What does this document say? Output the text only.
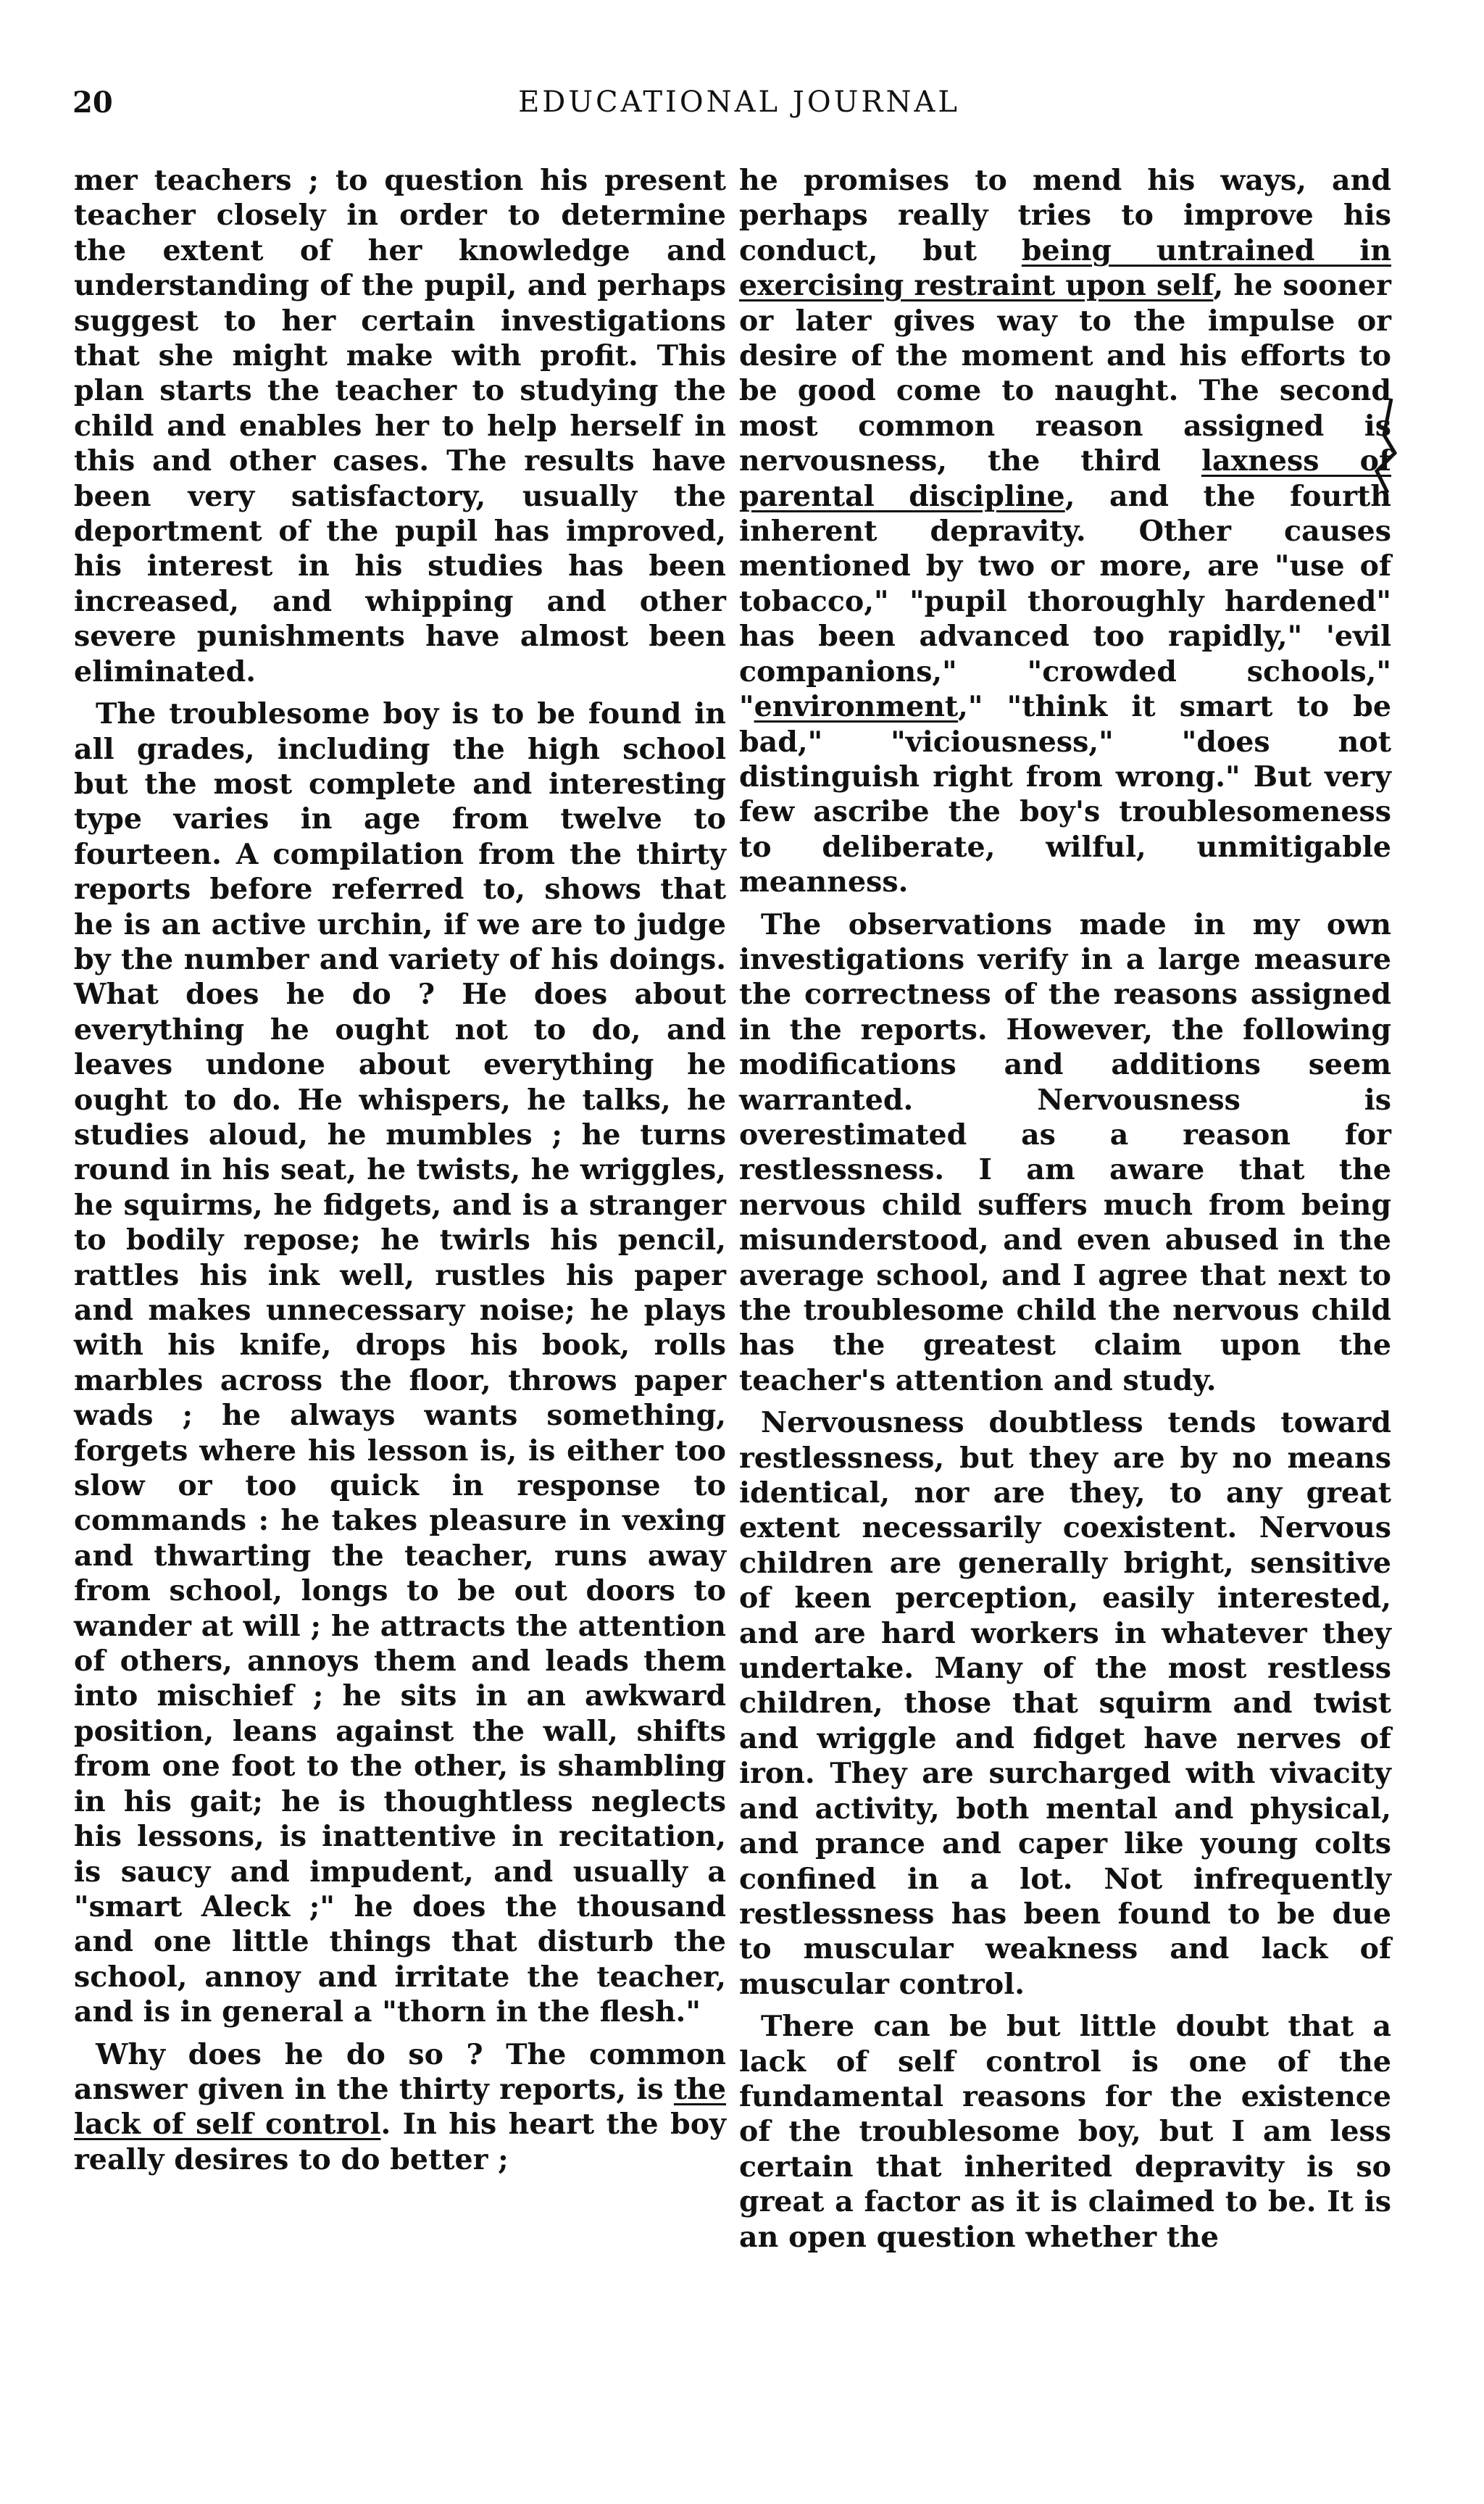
20	EDUCATIONAL JOURNAL

mer teachers ; to question his present teacher closely in order to determine the extent of her knowledge and understanding of the pupil, and perhaps suggest to her certain investigations that she might make with profit. This plan starts the teacher to studying the child and enables her to help herself in this and other cases. The results have been very satisfactory, usually the deportment of the pupil has improved, his interest in his studies has been increased, and whipping and other severe punishments have almost been eliminated.

The troublesome boy is to be found in all grades, including the high school but the most complete and interesting type varies in age from twelve to fourteen. A compilation from the thirty reports before referred to, shows that he is an active urchin, if we are to judge by the number and variety of his doings. What does he do ? He does about everything he ought not to do, and leaves undone about everything he ought to do. He whispers, he talks, he studies aloud, he mumbles ; he turns round in his seat, he twists, he wriggles, he squirms, he fidgets, and is a stranger to bodily repose; he twirls his pencil, rattles his ink well, rustles his paper and makes unnecessary noise; he plays with his knife, drops his book, rolls marbles across the floor, throws paper wads ; he always wants something, forgets where his lesson is, is either too slow or too quick in response to commands : he takes pleasure in vexing and thwarting the teacher, runs away from school, longs to be out doors to wander at will ; he attracts the attention of others, annoys them and leads them into mischief ; he sits in an awkward position, leans against the wall, shifts from one foot to the other, is shambling in his gait; he is thoughtless neglects his lessons, is inattentive in recitation, is saucy and impudent, and usually a "smart Aleck ;" he does the thousand and one little things that disturb the school, annoy and irritate the teacher, and is in general a "thorn in the flesh."

Why does he do so ? The common answer given in the thirty reports, is the lack of self control. In his heart the boy really desires to do better ;

he promises to mend his ways, and perhaps really tries to improve his conduct, but being untrained in exercising restraint upon self, he sooner or later gives way to the impulse or desire of the moment and his efforts to be good come to naught. The second most common reason assigned is nervousness, the third laxness of parental discipline, and the fourth inherent depravity. Other causes mentioned by two or more, are "use of tobacco," "pupil thoroughly hardened" has been advanced too rapidly," 'evil companions," "crowded schools," "environment," "think it smart to be bad," "viciousness," "does not distinguish right from wrong." But very few ascribe the boy's troublesomeness to deliberate, wilful, unmitigable meanness.

The observations made in my own investigations verify in a large measure the correctness of the reasons assigned in the reports. However, the following modifications and additions seem warranted. Nervousness is overestimated as a reason for restlessness. I am aware that the nervous child suffers much from being misunderstood, and even abused in the average school, and I agree that next to the troublesome child the nervous child has the greatest claim upon the teacher's attention and study.

Nervousness doubtless tends toward restlessness, but they are by no means identical, nor are they, to any great extent necessarily coexistent. Nervous children are generally bright, sensitive of keen perception, easily interested, and are hard workers in whatever they undertake. Many of the most restless children, those that squirm and twist and wriggle and fidget have nerves of iron. They are surcharged with vivacity and activity, both mental and physical, and prance and caper like young colts confined in a lot. Not infrequently restlessness has been found to be due to muscular weakness and lack of muscular control.

There can be but little doubt that a lack of self control is one of the fundamental reasons for the existence of the troublesome boy, but I am less certain that inherited depravity is so great a factor as it is claimed to be. It is an open question whether the
